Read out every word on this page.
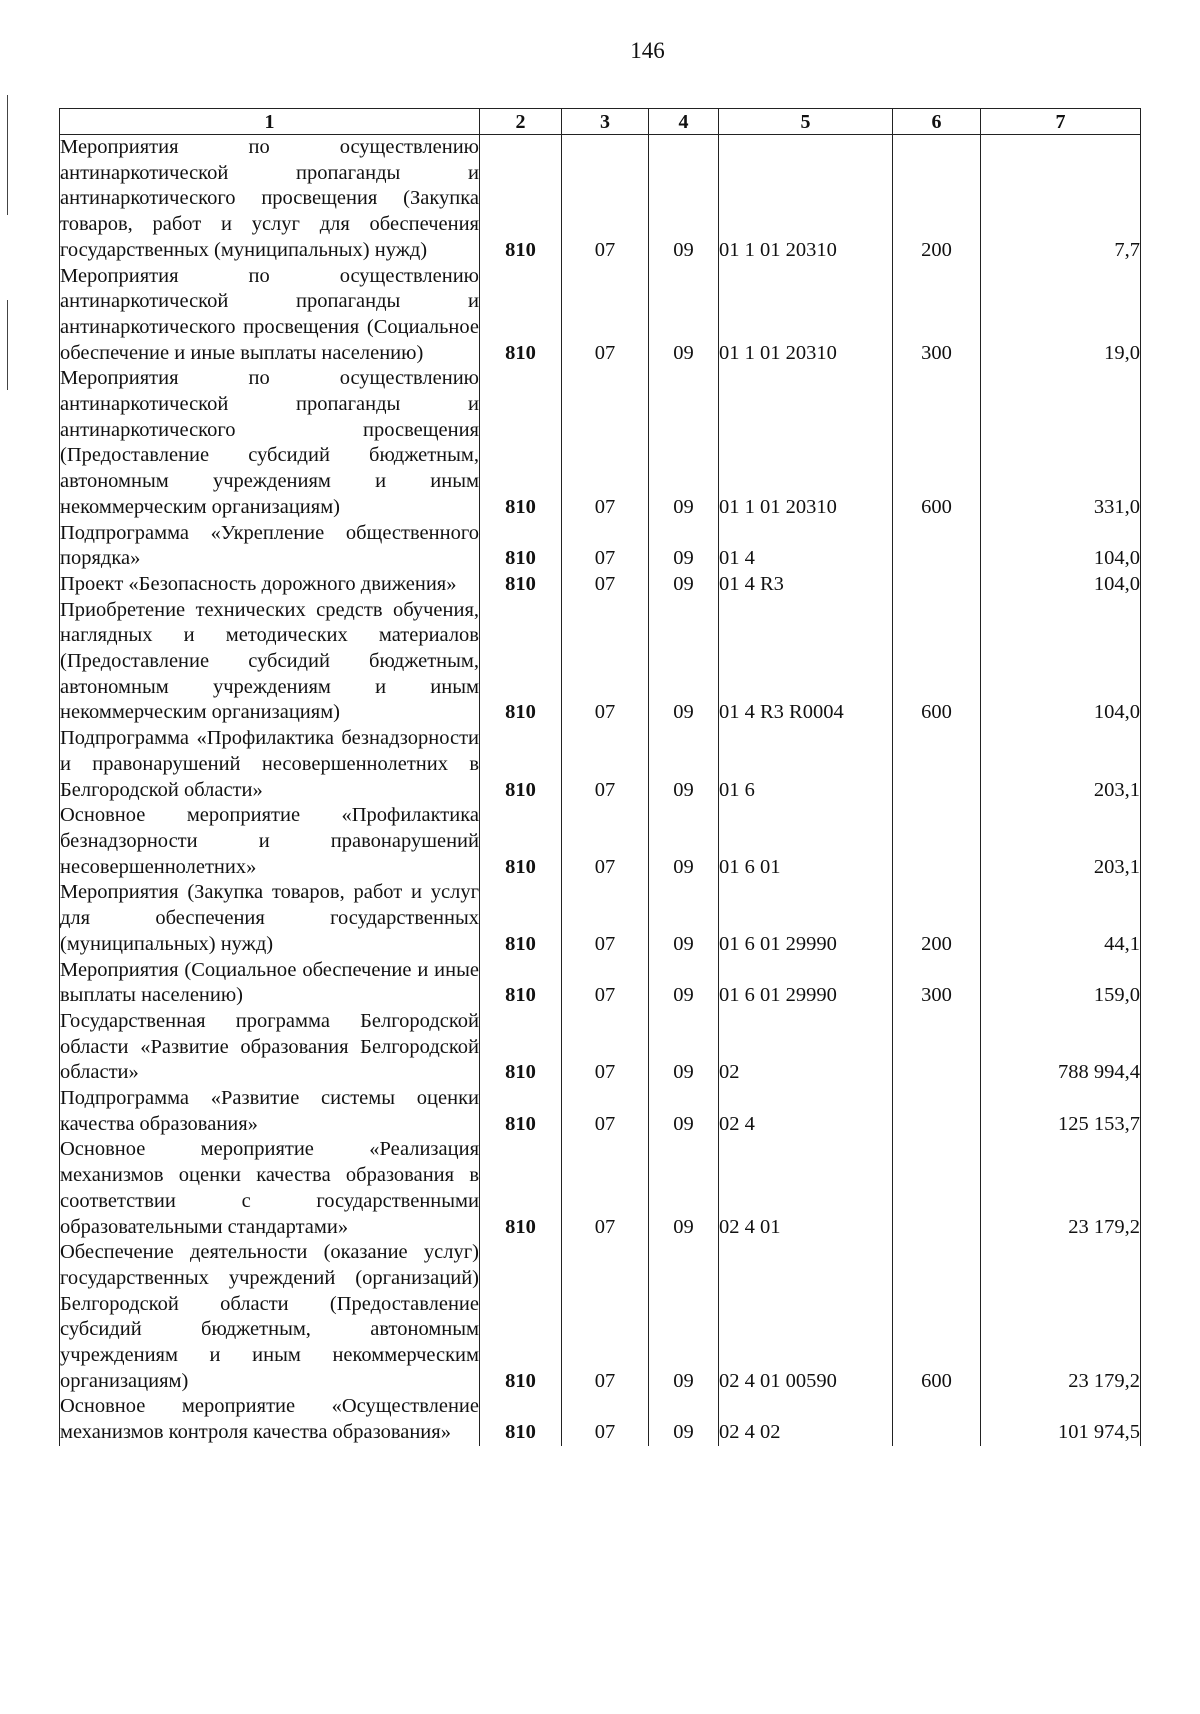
146
1	2	3	4	5	6	7
Мероприятия по осуществлению антинаркотической пропаганды и антинаркотического просвещения (Закупка товаров, работ и услуг для обеспечения государственных (муниципальных) нужд)	810	07	09	01 1 01 20310	200	7,7
Мероприятия по осуществлению антинаркотической пропаганды и антинаркотического просвещения (Социальное обеспечение и иные выплаты населению)	810	07	09	01 1 01 20310	300	19,0
Мероприятия по осуществлению антинаркотической пропаганды и антинаркотического просвещения (Предоставление субсидий бюджетным, автономным учреждениям и иным некоммерческим организациям)	810	07	09	01 1 01 20310	600	331,0
Подпрограмма «Укрепление общественного порядка»	810	07	09	01 4		104,0
Проект «Безопасность дорожного движения»	810	07	09	01 4 R3		104,0
Приобретение технических средств обучения, наглядных и методических материалов (Предоставление субсидий бюджетным, автономным учреждениям и иным некоммерческим организациям)	810	07	09	01 4 R3 R0004	600	104,0
Подпрограмма «Профилактика безнадзорности и правонарушений несовершеннолетних в Белгородской области»	810	07	09	01 6		203,1
Основное мероприятие «Профилактика безнадзорности и правонарушений несовершеннолетних»	810	07	09	01 6 01		203,1
Мероприятия (Закупка товаров, работ и услуг для обеспечения государственных (муниципальных) нужд)	810	07	09	01 6 01 29990	200	44,1
Мероприятия (Социальное обеспечение и иные выплаты населению)	810	07	09	01 6 01 29990	300	159,0
Государственная программа Белгородской области «Развитие образования Белгородской области»	810	07	09	02		788 994,4
Подпрограмма «Развитие системы оценки качества образования»	810	07	09	02 4		125 153,7
Основное мероприятие «Реализация механизмов оценки качества образования в соответствии с государственными образовательными стандартами»	810	07	09	02 4 01		23 179,2
Обеспечение деятельности (оказание услуг) государственных учреждений (организаций) Белгородской области (Предоставление субсидий бюджетным, автономным учреждениям и иным некоммерческим организациям)	810	07	09	02 4 01 00590	600	23 179,2
Основное мероприятие «Осуществление механизмов контроля качества образования»	810	07	09	02 4 02		101 974,5
